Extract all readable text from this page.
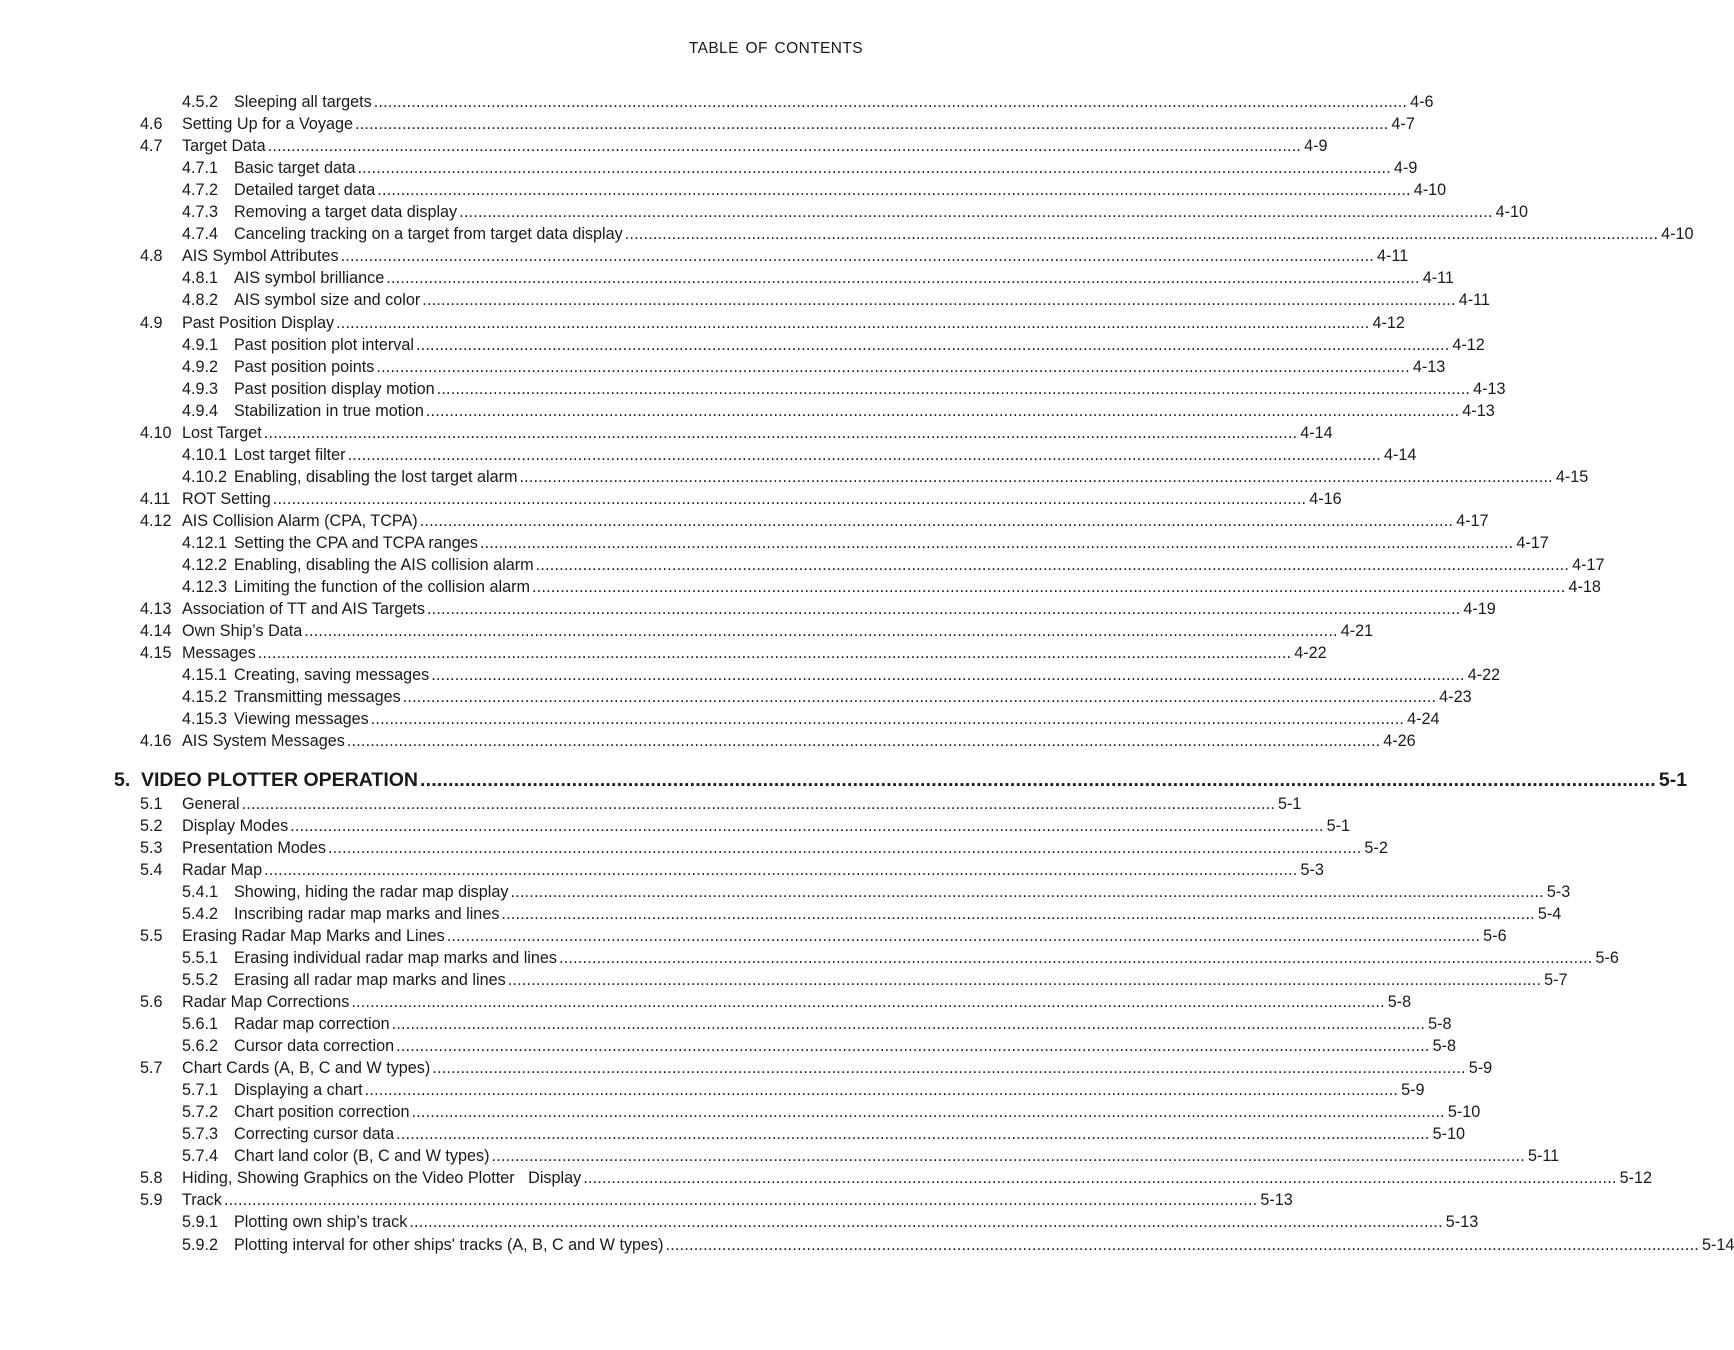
TABLE OF CONTENTS
4.5.2 Sleeping all targets ............................................................................................................................................................................................................................ 4-6
4.6 Setting Up for a Voyage ............................................................................................................................................................................................................................ 4-7
4.7 Target Data ............................................................................................................................................................................................................................ 4-9
4.7.1 Basic target data ............................................................................................................................................................................................................................ 4-9
4.7.2 Detailed target data ............................................................................................................................................................................................................................ 4-10
4.7.3 Removing a target data display ............................................................................................................................................................................................................................ 4-10
4.7.4 Canceling tracking on a target from target data display ............................................................................................................................................................................................................................ 4-10
4.8 AIS Symbol Attributes ............................................................................................................................................................................................................................ 4-11
4.8.1 AIS symbol brilliance ............................................................................................................................................................................................................................ 4-11
4.8.2 AIS symbol size and color ............................................................................................................................................................................................................................ 4-11
4.9 Past Position Display ............................................................................................................................................................................................................................ 4-12
4.9.1 Past position plot interval ............................................................................................................................................................................................................................ 4-12
4.9.2 Past position points ............................................................................................................................................................................................................................ 4-13
4.9.3 Past position display motion ............................................................................................................................................................................................................................ 4-13
4.9.4 Stabilization in true motion ............................................................................................................................................................................................................................ 4-13
4.10 Lost Target ............................................................................................................................................................................................................................ 4-14
4.10.1 Lost target filter ............................................................................................................................................................................................................................ 4-14
4.10.2 Enabling, disabling the lost target alarm ............................................................................................................................................................................................................................ 4-15
4.11 ROT Setting ............................................................................................................................................................................................................................ 4-16
4.12 AIS Collision Alarm (CPA, TCPA) ............................................................................................................................................................................................................................ 4-17
4.12.1 Setting the CPA and TCPA ranges ............................................................................................................................................................................................................................ 4-17
4.12.2 Enabling, disabling the AIS collision alarm ............................................................................................................................................................................................................................ 4-17
4.12.3 Limiting the function of the collision alarm ............................................................................................................................................................................................................................ 4-18
4.13 Association of TT and AIS Targets ............................................................................................................................................................................................................................ 4-19
4.14 Own Ship’s Data ............................................................................................................................................................................................................................ 4-21
4.15 Messages ............................................................................................................................................................................................................................ 4-22
4.15.1 Creating, saving messages ............................................................................................................................................................................................................................ 4-22
4.15.2 Transmitting messages ............................................................................................................................................................................................................................ 4-23
4.15.3 Viewing messages ............................................................................................................................................................................................................................ 4-24
4.16 AIS System Messages ............................................................................................................................................................................................................................ 4-26
5. VIDEO PLOTTER OPERATION ............................................................................................................................................................................................................................ 5-1
5.1 General ............................................................................................................................................................................................................................ 5-1
5.2 Display Modes ............................................................................................................................................................................................................................ 5-1
5.3 Presentation Modes ............................................................................................................................................................................................................................ 5-2
5.4 Radar Map ............................................................................................................................................................................................................................ 5-3
5.4.1 Showing, hiding the radar map display ............................................................................................................................................................................................................................ 5-3
5.4.2 Inscribing radar map marks and lines ............................................................................................................................................................................................................................ 5-4
5.5 Erasing Radar Map Marks and Lines ............................................................................................................................................................................................................................ 5-6
5.5.1 Erasing individual radar map marks and lines ............................................................................................................................................................................................................................ 5-6
5.5.2 Erasing all radar map marks and lines ............................................................................................................................................................................................................................ 5-7
5.6 Radar Map Corrections ............................................................................................................................................................................................................................ 5-8
5.6.1 Radar map correction ............................................................................................................................................................................................................................ 5-8
5.6.2 Cursor data correction ............................................................................................................................................................................................................................ 5-8
5.7 Chart Cards (A, B, C and W types) ............................................................................................................................................................................................................................ 5-9
5.7.1 Displaying a chart ............................................................................................................................................................................................................................ 5-9
5.7.2 Chart position correction ............................................................................................................................................................................................................................ 5-10
5.7.3 Correcting cursor data ............................................................................................................................................................................................................................ 5-10
5.7.4 Chart land color (B, C and W types) ............................................................................................................................................................................................................................ 5-11
5.8 Hiding, Showing Graphics on the Video Plotter   Display ............................................................................................................................................................................................................................ 5-12
5.9 Track ............................................................................................................................................................................................................................ 5-13
5.9.1 Plotting own ship’s track ............................................................................................................................................................................................................................ 5-13
5.9.2 Plotting interval for other ships' tracks (A, B, C and W types) ............................................................................................................................................................................................................................ 5-14
